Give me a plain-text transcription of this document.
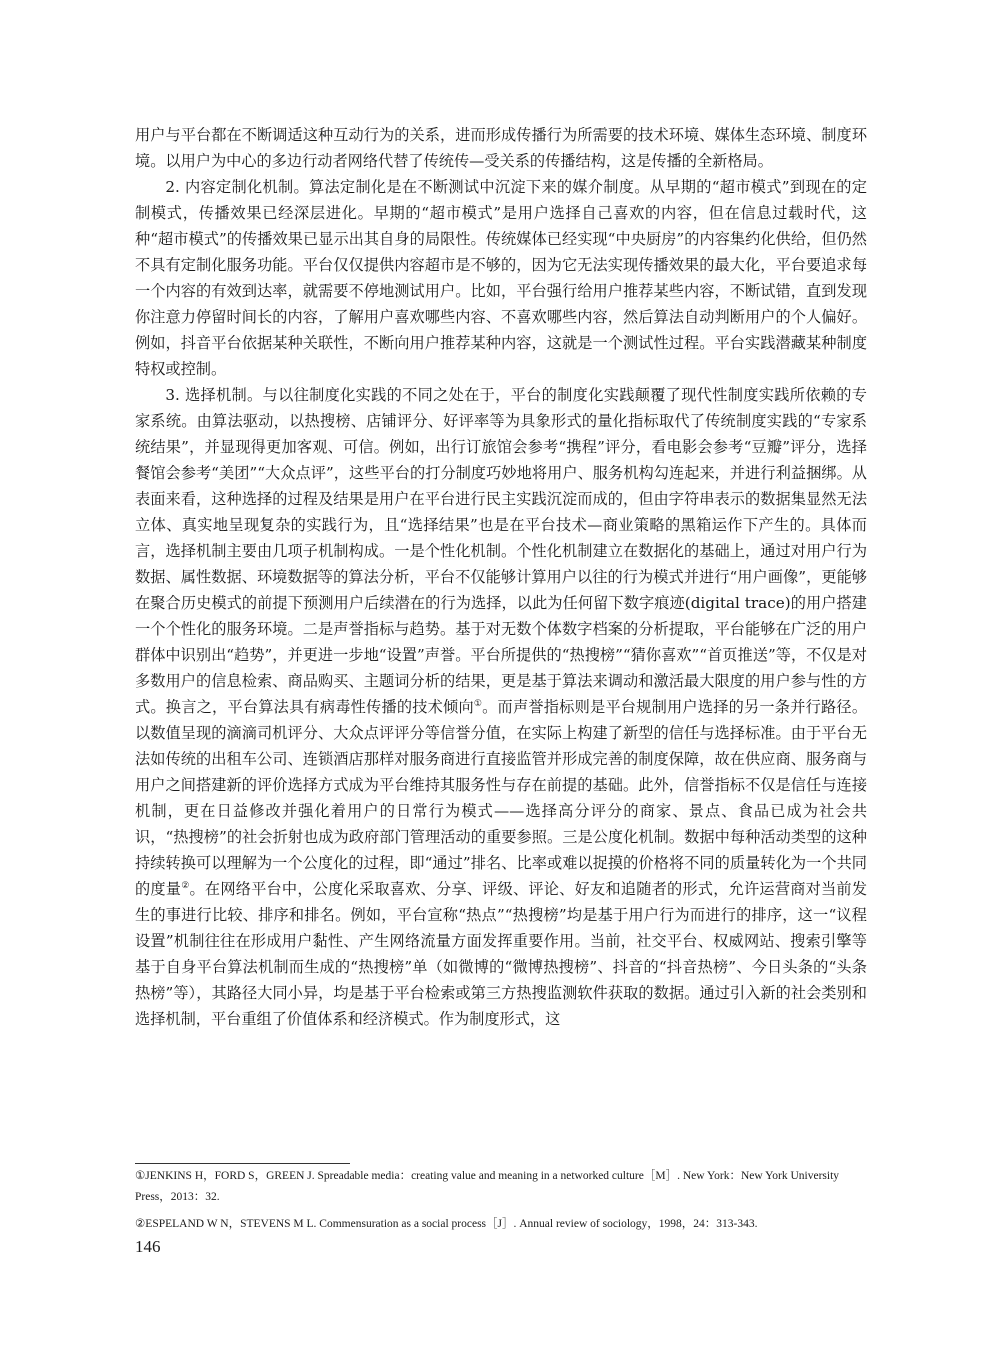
用户与平台都在不断调适这种互动行为的关系，进而形成传播行为所需要的技术环境、媒体生态环境、制度环境。以用户为中心的多边行动者网络代替了传统传—受关系的传播结构，这是传播的全新格局。

2. 内容定制化机制。算法定制化是在不断测试中沉淀下来的媒介制度。从早期的“超市模式”到现在的定制模式，传播效果已经深层进化。早期的“超市模式”是用户选择自己喜欢的内容，但在信息过载时代，这种“超市模式”的传播效果已显示出其自身的局限性。传统媒体已经实现“中央厨房”的内容集约化供给，但仍然不具有定制化服务功能。平台仅仅提供内容超市是不够的，因为它无法实现传播效果的最大化，平台要追求每一个内容的有效到达率，就需要不停地测试用户。比如，平台强行给用户推荐某些内容，不断试错，直到发现你注意力停留时间长的内容，了解用户喜欢哪些内容、不喜欢哪些内容，然后算法自动判断用户的个人偏好。例如，抖音平台依据某种关联性，不断向用户推荐某种内容，这就是一个测试性过程。平台实践潜藏某种制度特权或控制。

3. 选择机制。与以往制度化实践的不同之处在于，平台的制度化实践颠覆了现代性制度实践所依赖的专家系统。由算法驱动，以热搜榜、店铺评分、好评率等为具象形式的量化指标取代了传统制度实践的“专家系统结果”，并显现得更加客观、可信。例如，出行订旅馆会参考“携程”评分，看电影会参考“豆瓣”评分，选择餐馆会参考“美团”“大众点评”，这些平台的打分制度巧妙地将用户、服务机构勾连起来，并进行利益捆绑。从表面来看，这种选择的过程及结果是用户在平台进行民主实践沉淀而成的，但由字符串表示的数据集显然无法立体、真实地呈现复杂的实践行为，且“选择结果”也是在平台技术—商业策略的黑箱运作下产生的。具体而言，选择机制主要由几项子机制构成。一是个性化机制。个性化机制建立在数据化的基础上，通过对用户行为数据、属性数据、环境数据等的算法分析，平台不仅能够计算用户以往的行为模式并进行“用户画像”，更能够在聚合历史模式的前提下预测用户后续潜在的行为选择，以此为任何留下数字痕迹(digital trace)的用户搭建一个个性化的服务环境。二是声誉指标与趋势。基于对无数个体数字档案的分析提取，平台能够在广泛的用户群体中识别出“趋势”，并更进一步地“设置”声誉。平台所提供的“热搜榜”“猜你喜欢”“首页推送”等，不仅是对多数用户的信息检索、商品购买、主题词分析的结果，更是基于算法来调动和激活最大限度的用户参与性的方式。换言之，平台算法具有病毒性传播的技术倾向①。而声誉指标则是平台规制用户选择的另一条并行路径。以数值呈现的滴滴司机评分、大众点评评分等信誉分值，在实际上构建了新型的信任与选择标准。由于平台无法如传统的出租车公司、连锁酒店那样对服务商进行直接监管并形成完善的制度保障，故在供应商、服务商与用户之间搭建新的评价选择方式成为平台维持其服务性与存在前提的基础。此外，信誉指标不仅是信任与连接机制，更在日益修改并强化着用户的日常行为模式——选择高分评分的商家、景点、食品已成为社会共识，“热搜榜”的社会折射也成为政府部门管理活动的重要参照。三是公度化机制。数据中每种活动类型的这种持续转换可以理解为一个公度化的过程，即“通过”排名、比率或难以捉摸的价格将不同的质量转化为一个共同的度量②。在网络平台中，公度化采取喜欢、分享、评级、评论、好友和追随者的形式，允许运营商对当前发生的事进行比较、排序和排名。例如，平台宣称“热点”“热搜榜”均是基于用户行为而进行的排序，这一“议程设置”机制往往在形成用户黏性、产生网络流量方面发挥重要作用。当前，社交平台、权威网站、搜索引擎等基于自身平台算法机制而生成的“热搜榜”单（如微博的“微博热搜榜”、抖音的“抖音热榜”、今日头条的“头条热榜”等），其路径大同小异，均是基于平台检索或第三方热搜监测软件获取的数据。通过引入新的社会类别和选择机制，平台重组了价值体系和经济模式。作为制度形式，这

①JENKINS H，FORD S，GREEN J. Spreadable media：creating value and meaning in a networked culture［M］. New York：New York University Press，2013：32.

②ESPELAND W N，STEVENS M L. Commensuration as a social process［J］. Annual review of sociology，1998，24：313-343.

146
